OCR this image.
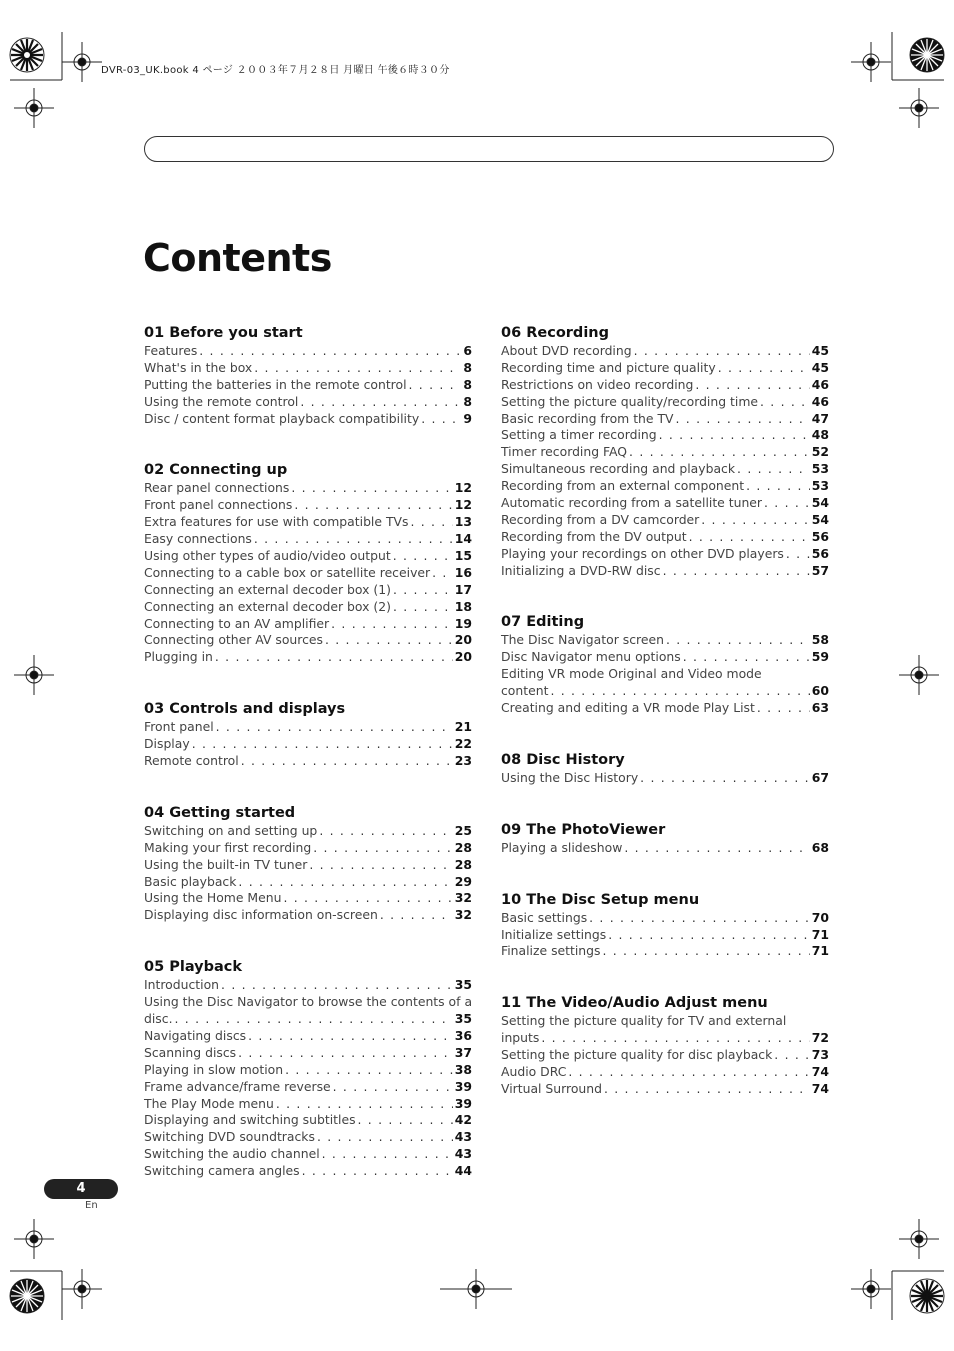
DVR-03_UK.book 4 ページ ２００３年７月２８日 月曜日 午後６時３０分
Contents
01 Before you start
Features . . .	6
What's in the box . . .	8
Putting the batteries in the remote control . . .	8
Using the remote control . . .	8
Disc / content format playback compatibility . . .	9
02 Connecting up
Rear panel connections . . .	12
Front panel connections . . .	12
Extra features for use with compatible TVs . . .	13
Easy connections . . .	14
Using other types of audio/video output . . .	15
Connecting to a cable box or satellite receiver . . . 16
Connecting an external decoder box (1) . . .	17
Connecting an external decoder box (2) . . .	18
Connecting to an AV amplifier . . .	19
Connecting other AV sources . . .	20
Plugging in . . .	20
03 Controls and displays
Front panel . . .	21
Display . . .	22
Remote control . . .	23
04 Getting started
Switching on and setting up . . .	25
Making your first recording . . .	28
Using the built-in TV tuner . . .	28
Basic playback . . .	29
Using the Home Menu . . .	32
Displaying disc information on-screen . . .	32
05 Playback
Introduction . . .	35
Using the Disc Navigator to browse the contents of a
disc. . . .	35
Navigating discs . . .	36
Scanning discs . . .	37
Playing in slow motion . . .	38
Frame advance/frame reverse . . .	39
The Play Mode menu . . .	39
Displaying and switching subtitles . . .	42
Switching DVD soundtracks . . .	43
Switching the audio channel . . .	43
Switching camera angles . . .	44
06 Recording
About DVD recording . . .	45
Recording time and picture quality . . .	45
Restrictions on video recording . . .	46
Setting the picture quality/recording time . . .	46
Basic recording from the TV . . .	47
Setting a timer recording . . .	48
Timer recording FAQ . . .	52
Simultaneous recording and playback . . .	53
Recording from an external component . . .	53
Automatic recording from a satellite tuner . . .	54
Recording from a DV camcorder . . .	54
Recording from the DV output . . .	56
Playing your recordings on other DVD players . . . 56
Initializing a DVD-RW disc . . .	57
07 Editing
The Disc Navigator screen . . .	58
Disc Navigator menu options . . .	59
Editing VR mode Original and Video mode
content . . .	60
Creating and editing a VR mode Play List . . .	63
08 Disc History
Using the Disc History . . .	67
09 The PhotoViewer
Playing a slideshow . . .	68
10 The Disc Setup menu
Basic settings . . .	70
Initialize settings . . .	71
Finalize settings . . .	71
11 The Video/Audio Adjust menu
Setting the picture quality for TV and external
inputs . . .	72
Setting the picture quality for disc playback . . .	73
Audio DRC . . .	74
Virtual Surround . . .	74
4
En
